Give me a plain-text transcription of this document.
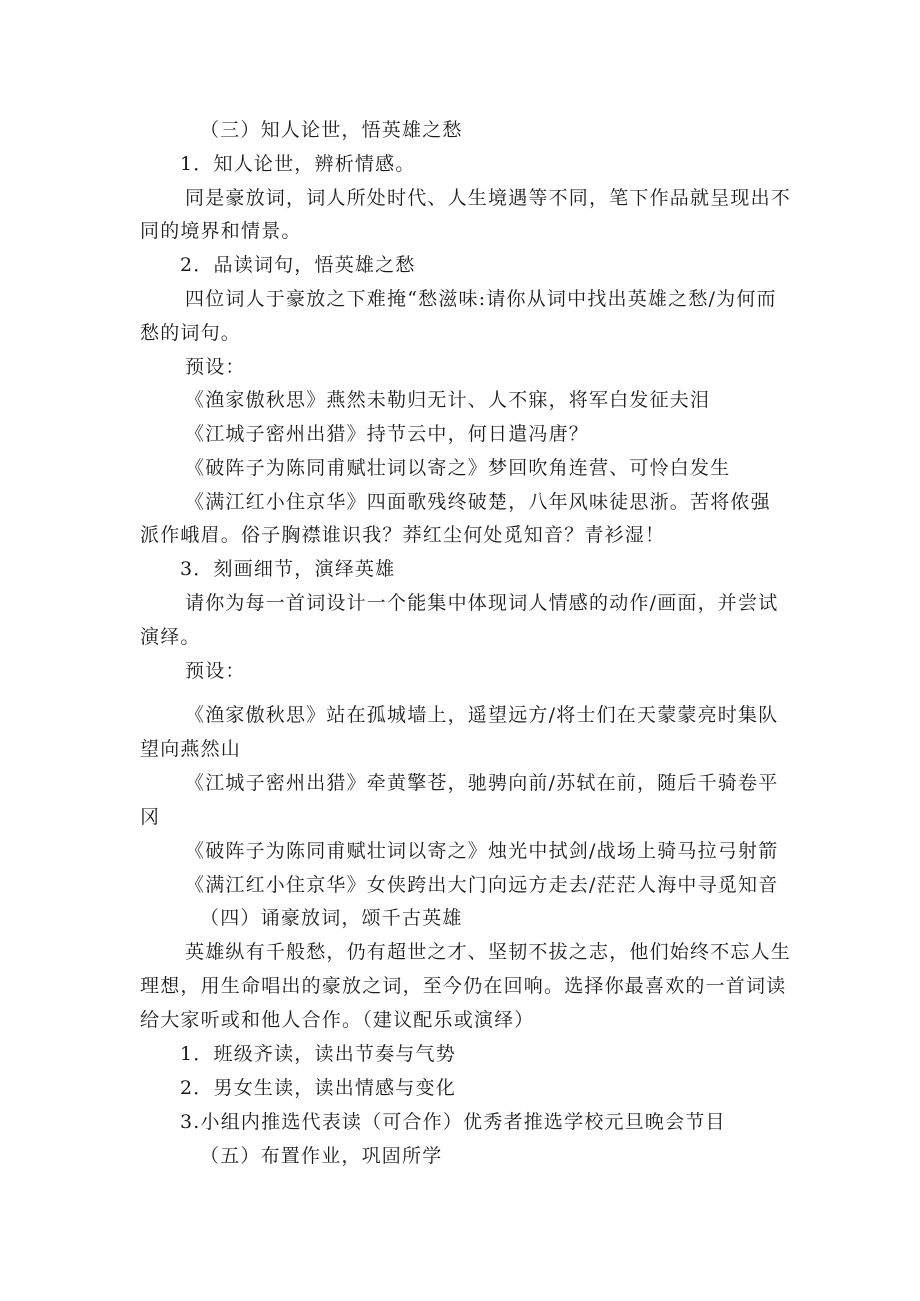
（三）知人论世，悟英雄之愁
1．知人论世，辨析情感。
同是豪放词，词人所处时代、人生境遇等不同，笔下作品就呈现出不
同的境界和情景。
2．品读词句，悟英雄之愁
四位词人于豪放之下难掩“愁滋味:请你从词中找出英雄之愁/为何而
愁的词句。
预设：
《渔家傲秋思》燕然未勒归无计、人不寐，将军白发征夫泪
《江城子密州出猎》持节云中，何日遣冯唐？
《破阵子为陈同甫赋壮词以寄之》梦回吹角连营、可怜白发生
《满江红小住京华》四面歌残终破楚，八年风味徒思浙。苦将侬强
派作峨眉。俗子胸襟谁识我？莽红尘何处觅知音？青衫湿！
3．刻画细节，演绎英雄
请你为每一首词设计一个能集中体现词人情感的动作/画面，并尝试
演绎。
预设：
《渔家傲秋思》站在孤城墙上，遥望远方/将士们在天蒙蒙亮时集队
望向燕然山
《江城子密州出猎》牵黄擎苍，驰骋向前/苏轼在前，随后千骑卷平
冈
《破阵子为陈同甫赋壮词以寄之》烛光中拭剑/战场上骑马拉弓射箭
《满江红小住京华》女侠跨出大门向远方走去/茫茫人海中寻觅知音
（四）诵豪放词，颂千古英雄
英雄纵有千般愁，仍有超世之才、坚韧不拔之志，他们始终不忘人生
理想，用生命唱出的豪放之词，至今仍在回响。选择你最喜欢的一首词读
给大家听或和他人合作。（建议配乐或演绎）
1．班级齐读，读出节奏与气势
2．男女生读，读出情感与变化
3.小组内推选代表读（可合作）优秀者推选学校元旦晚会节目
（五）布置作业，巩固所学
